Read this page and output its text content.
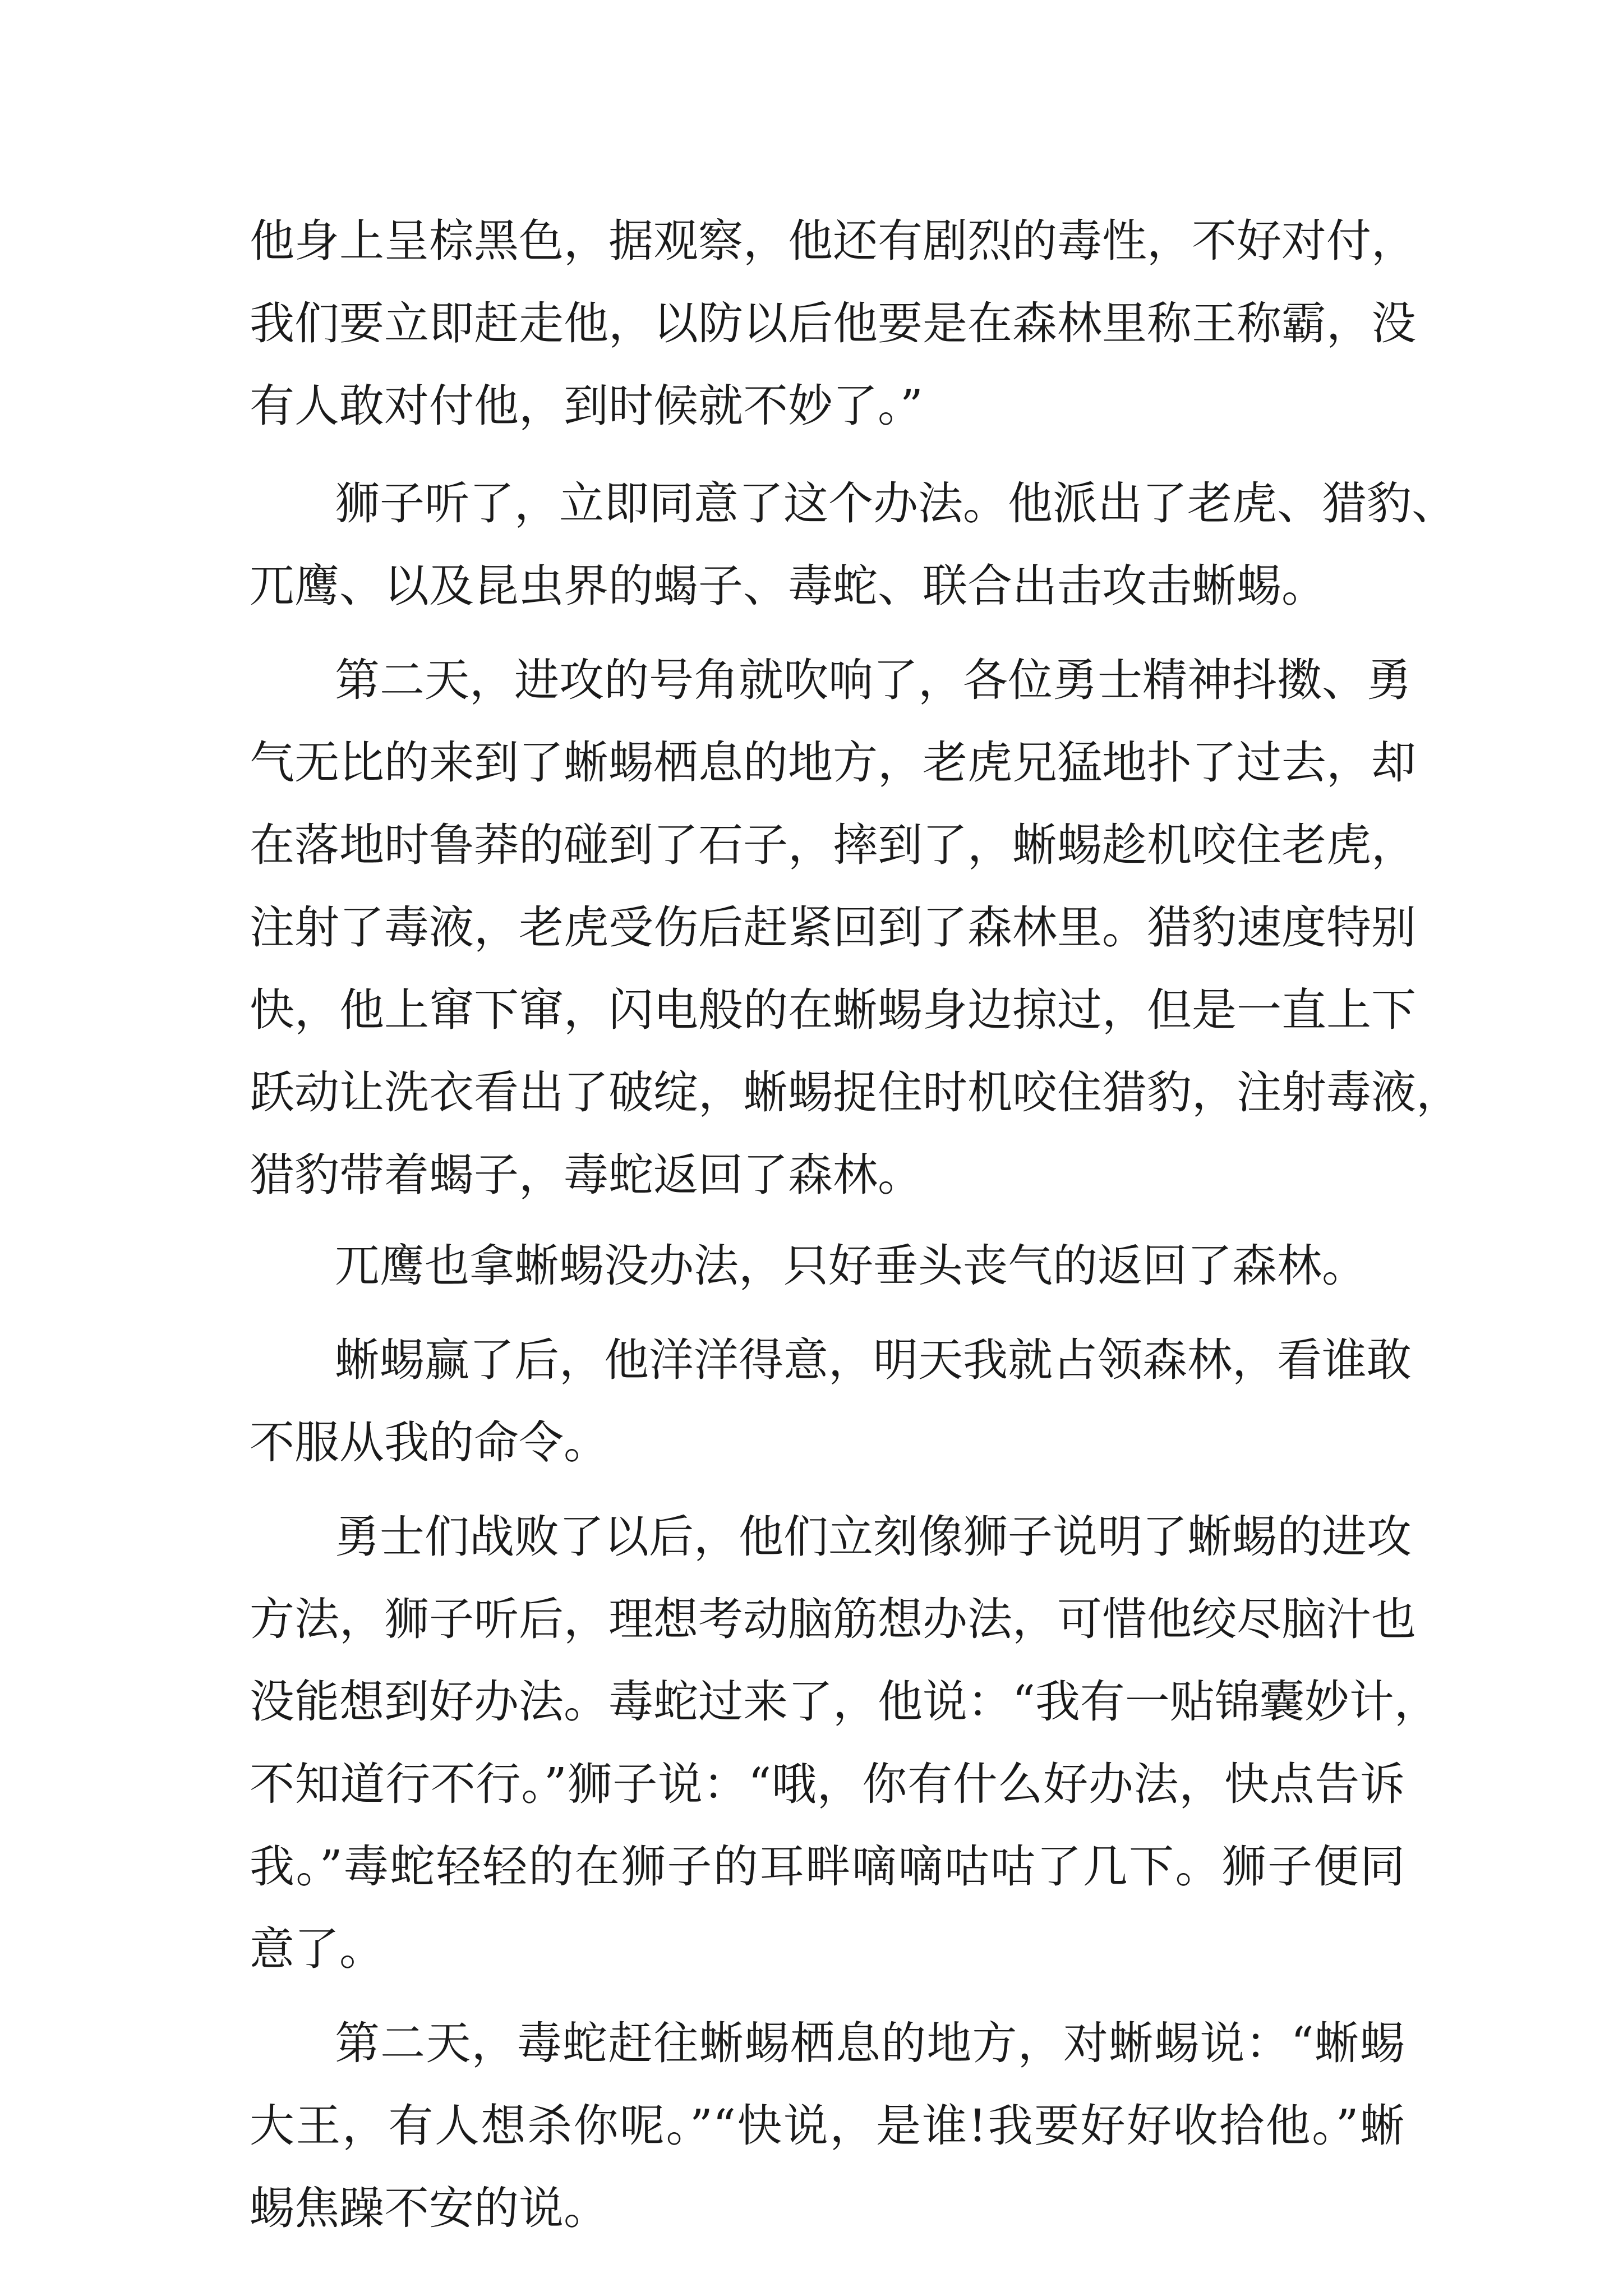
他身上呈棕黑色，据观察，他还有剧烈的毒性，不好对付，
我们要立即赶走他，以防以后他要是在森林里称王称霸，没
有人敢对付他，到时候就不妙了。”
狮子听了，立即同意了这个办法。他派出了老虎、猎豹、
兀鹰、以及昆虫界的蝎子、毒蛇、联合出击攻击蜥蜴。
第二天，进攻的号角就吹响了，各位勇士精神抖擞、勇
气无比的来到了蜥蜴栖息的地方，老虎兄猛地扑了过去，却
在落地时鲁莽的碰到了石子，摔到了，蜥蜴趁机咬住老虎，
注射了毒液，老虎受伤后赶紧回到了森林里。猎豹速度特别
快，他上窜下窜，闪电般的在蜥蜴身边掠过，但是一直上下
跃动让洗衣看出了破绽，蜥蜴捉住时机咬住猎豹，注射毒液，
猎豹带着蝎子，毒蛇返回了森林。
兀鹰也拿蜥蜴没办法，只好垂头丧气的返回了森林。
蜥蜴赢了后，他洋洋得意，明天我就占领森林，看谁敢
不服从我的命令。
勇士们战败了以后，他们立刻像狮子说明了蜥蜴的进攻
方法，狮子听后，理想考动脑筋想办法，可惜他绞尽脑汁也
没能想到好办法。毒蛇过来了，他说：“我有一贴锦囊妙计，
不知道行不行。”狮子说：“哦，你有什么好办法，快点告诉
我。”毒蛇轻轻的在狮子的耳畔嘀嘀咕咕了几下。狮子便同
意了。
第二天，毒蛇赶往蜥蜴栖息的地方，对蜥蜴说：“蜥蜴
大王，有人想杀你呢。”“快说，是谁!我要好好收拾他。”蜥
蜴焦躁不安的说。
